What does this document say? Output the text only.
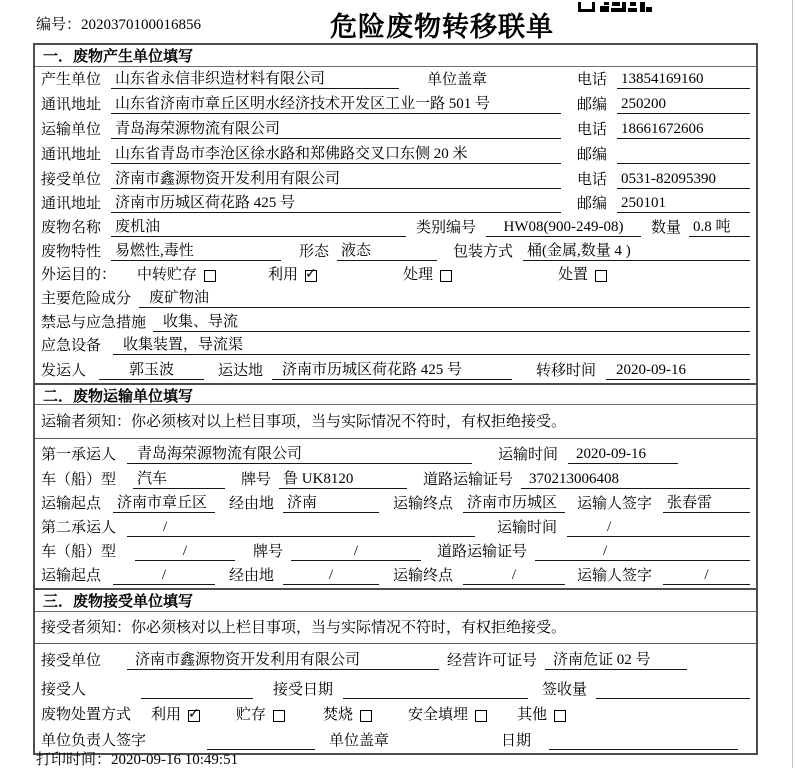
编号：2020370100016856	危险废物转移联单
一．废物产生单位填写
产生单位 山东省永信非织造材料有限公司	单位盖章	电话 13854169160
通讯地址 山东省济南市章丘区明水经济技术开发区工业一路 501 号	邮编 250200
运输单位 青岛海荣源物流有限公司	电话 18661672606
通讯地址 山东省青岛市李沧区徐水路和郑佛路交叉口东侧 20 米	邮编
接受单位 济南市鑫源物资开发利用有限公司	电话 0531-82095390
通讯地址 济南市历城区荷花路 425 号	邮编 250101
废物名称 废机油	类别编号	HW08(900-249-08)	数量 0.8 吨
废物特性 易燃性,毒性	形态 液态	包装方式 桶(金属,数量 4 )
外运目的：	中转贮存	利用 ✓	处理	处置
主要危险成分	废矿物油
禁忌与应急措施	收集、导流
应急设备	收集装置，导流渠
发运人	郭玉波	运达地	济南市历城区荷花路 425 号	转移时间	2020-09-16
二．废物运输单位填写
运输者须知：你必须核对以上栏目事项，当与实际情况不符时，有权拒绝接受。
第一承运人	青岛海荣源物流有限公司	运输时间	2020-09-16
车（船）型	汽车	牌号 鲁 UK8120	道路运输证号	370213006408
运输起点 济南市章丘区	经由地 济南	运输终点 济南市历城区	运输人签字 张春雷
第二承运人	/	运输时间	/
车（船）型	/	牌号	/	道路运输证号	/
运输起点	/	经由地	/	运输终点	/	运输人签字	/
三．废物接受单位填写
接受者须知：你必须核对以上栏目事项，当与实际情况不符时，有权拒绝接受。
接受单位	济南市鑫源物资开发利用有限公司	经营许可证号	济南危证 02 号
接受人	接受日期	签收量
废物处置方式 利用 ✓	贮存	焚烧	安全填埋	其他
单位负责人签字	单位盖章	日期
打印时间：2020-09-16 10:49:51
